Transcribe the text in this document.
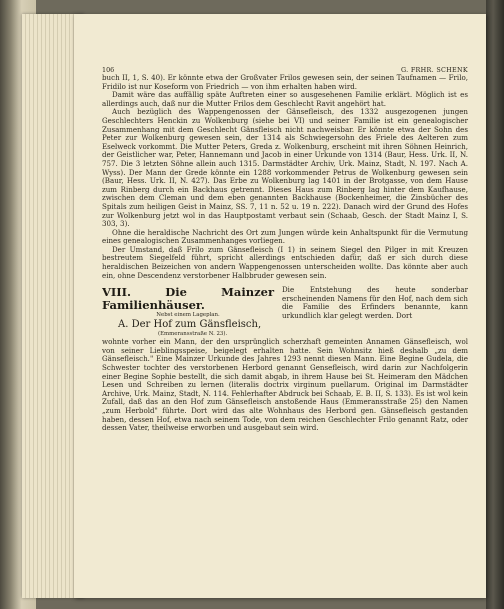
106	G. FRHR. SCHENK

buch II, 1, S. 40). Er könnte etwa der Großvater Frilos gewesen sein, der seinen Taufnamen — Frilo, Fridilo ist nur Koseform von Friedrich — von ihm erhalten haben wird.

Damit wäre das auffällig späte Auftreten einer so ausgesehenen Familie erklärt. Möglich ist es allerdings auch, daß nur die Mutter Frilos dem Geschlecht Ravit angehört hat.

Auch bezüglich des Wappengenossen der Gänsefleisch, des 1332 ausgezogenen jungen Geschlechters Henckin zu Wolkenburg (siehe bei VI) und seiner Familie ist ein genealogischer Zusammenhang mit dem Geschlecht Gänsfleisch nicht nachweisbar. Er könnte etwa der Sohn des Peter zur Wolkenburg gewesen sein, der 1314 als Schwiegersohn des Friele des Aelteren zum Eselweck vorkommt. Die Mutter Peters, Greda z. Wolkenburg, erscheint mit ihren Söhnen Heinrich, der Geistlicher war, Peter, Hannemann und Jacob in einer Urkunde von 1314 (Baur, Hess. Urk. II, N. 757. Die 3 letzten Söhne allein auch 1315. Darmstädter Archiv, Urk. Mainz, Stadt, N. 197. Nach A. Wyss). Der Mann der Grede könnte ein 1288 vorkommender Petrus de Wolkenburg gewesen sein (Baur, Hess. Urk. II, N. 427). Das Erbe zu Wolkenburg lag 1401 in der Brotgasse, von dem Hause zum Rinberg durch ein Backhaus getrennt. Dieses Haus zum Rinberg lag hinter dem Kaufhause, zwischen dem Cleman und dem eben genannten Backhause (Bockenheimer, die Zinsbücher des Spitals zum heiligen Geist in Mainz, SS. 7, 11 n. 52 u. 19 n. 222). Danach wird der Grund des Hofes zur Wolkenburg jetzt wol in das Hauptpostamt verbaut sein (Schaab, Gesch. der Stadt Mainz I, S. 303, 3).

Ohne die heraldische Nachricht des Ort zum Jungen würde kein Anhaltspunkt für die Vermutung eines genealogischen Zusammenhanges vorliegen.

Der Umstand, daß Frilo zum Gänsefleisch (I 1) in seinem Siegel den Pilger in mit Kreuzen bestreutem Siegelfeld führt, spricht allerdings entschieden dafür, daß er sich durch diese heraldischen Beizeichen von andern Wappengenossen unterscheiden wollte. Das könnte aber auch ein, ohne Descendenz verstorbener Halbbruder gewesen sein.

VIII. Die Mainzer Familienhäuser.
Nebst einem Lageplan.
A. Der Hof zum Gänsfleisch,
(Emmeransstraße N. 23).

Die Entstehung des heute sonderbar erscheinenden Namens für den Hof, nach dem sich die Familie des Erfinders benannte, kann urkundlich klar gelegt werden. Dort

wohnte vorher ein Mann, der den ursprünglich scherzhaft gemeinten Annamen Gänsefleisch, wol von seiner Lieblingsspeise, beigelegt erhalten hatte. Sein Wohnsitz hieß deshalb „zu dem Gänsefleisch." Eine Mainzer Urkunde des Jahres 1293 nennt diesen Mann. Eine Begine Gudela, die Schwester tochter des verstorbenen Herbord genannt Gensefleisch, wird darin zur Nachfolgerin einer Begine Sophie bestellt, die sich damit abgab, in ihrem Hause bei St. Heimeram den Mädchen Lesen und Schreiben zu lernen (literalis doctrix virginum puellarum. Original im Darmstädter Archive, Urk. Mainz, Stadt, N. 114. Fehlerhafter Abdruck bei Schaab, E. B. II, S. 133). Es ist wol kein Zufall, daß das an den Hof zum Gänsefleisch anstoßende Haus (Emmeransstraße 25) den Namen „zum Herbold" führte. Dort wird das alte Wohnhaus des Herbord gen. Gänsefleisch gestanden haben, dessen Hof, etwa nach seinem Tode, von dem reichen Geschlechter Frilo genannt Ratz, oder dessen Vater, theilweise erworben und ausgebaut sein wird.
